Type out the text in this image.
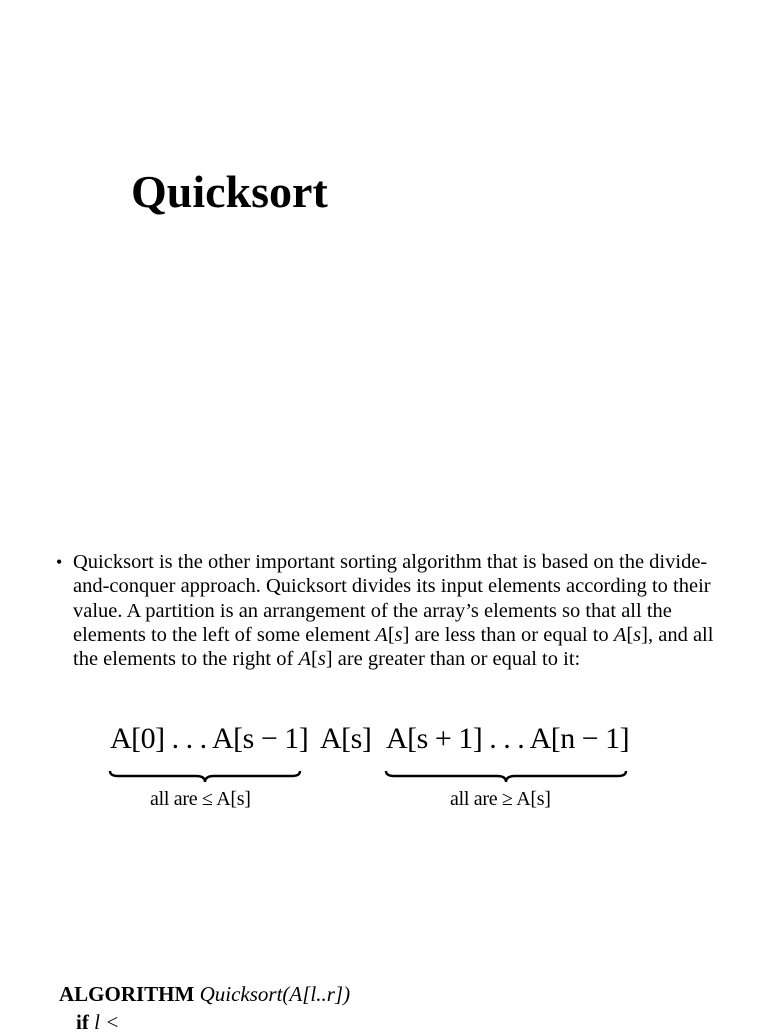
Quicksort
• Quicksort is the other important sorting algorithm that is based on the divide-and-conquer approach. Quicksort divides its input elements according to their value. A partition is an arrangement of the array’s elements so that all the elements to the left of some element A[s] are less than or equal to A[s], and all the elements to the right of A[s] are greater than or equal to it:
A[0] . . . A[s − 1] A[s] A[s + 1] . . . A[n − 1]
all are ≤ A[s]	all are ≥ A[s]
ALGORITHM Quicksort(A[l..r])
if l <
